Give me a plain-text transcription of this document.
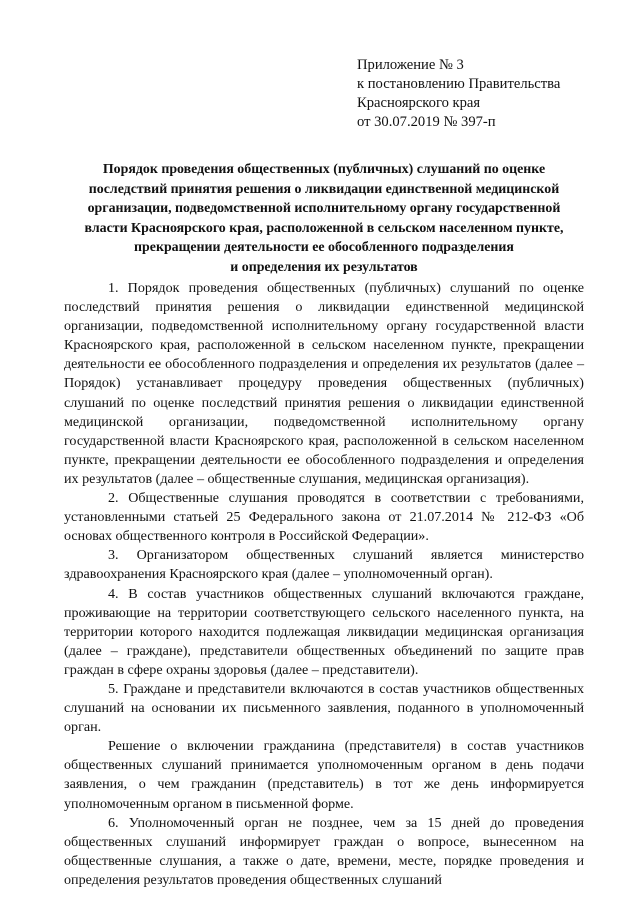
Приложение № 3
к постановлению Правительства
Красноярского края
от 30.07.2019 № 397-п
Порядок проведения общественных (публичных) слушаний по оценке
последствий принятия решения о ликвидации единственной медицинской
организации, подведомственной исполнительному органу государственной
власти Красноярского края, расположенной в сельском населенном пункте,
прекращении деятельности ее обособленного подразделения
и определения их результатов

1. Порядок проведения общественных (публичных) слушаний по оценке последствий принятия решения о ликвидации единственной медицинской организации, подведомственной исполнительному органу государственной власти Красноярского края, расположенной в сельском населенном пункте, прекращении деятельности ее обособленного подразделения и определения их результатов (далее – Порядок) устанавливает процедуру проведения общественных (публичных) слушаний по оценке последствий принятия решения о ликвидации единственной медицинской организации, подведомственной исполнительному органу государственной власти Красноярского края, расположенной в сельском населенном пункте, прекращении деятельности ее обособленного подразделения и определения их результатов (далее – общественные слушания, медицинская организация).

2. Общественные слушания проводятся в соответствии с требованиями, установленными статьей 25 Федерального закона от 21.07.2014 № 212-ФЗ «Об основах общественного контроля в Российской Федерации».

3. Организатором общественных слушаний является министерство здравоохранения Красноярского края (далее – уполномоченный орган).

4. В состав участников общественных слушаний включаются граждане, проживающие на территории соответствующего сельского населенного пункта, на территории которого находится подлежащая ликвидации медицинская организация (далее – граждане), представители общественных объединений по защите прав граждан в сфере охраны здоровья (далее – представители).

5. Граждане и представители включаются в состав участников общественных слушаний на основании их письменного заявления, поданного в уполномоченный орган.

Решение о включении гражданина (представителя) в состав участников общественных слушаний принимается уполномоченным органом в день подачи заявления, о чем гражданин (представитель) в тот же день информируется уполномоченным органом в письменной форме.

6. Уполномоченный орган не позднее, чем за 15 дней до проведения общественных слушаний информирует граждан о вопросе, вынесенном на общественные слушания, а также о дате, времени, месте, порядке проведения и определения результатов проведения общественных слушаний
